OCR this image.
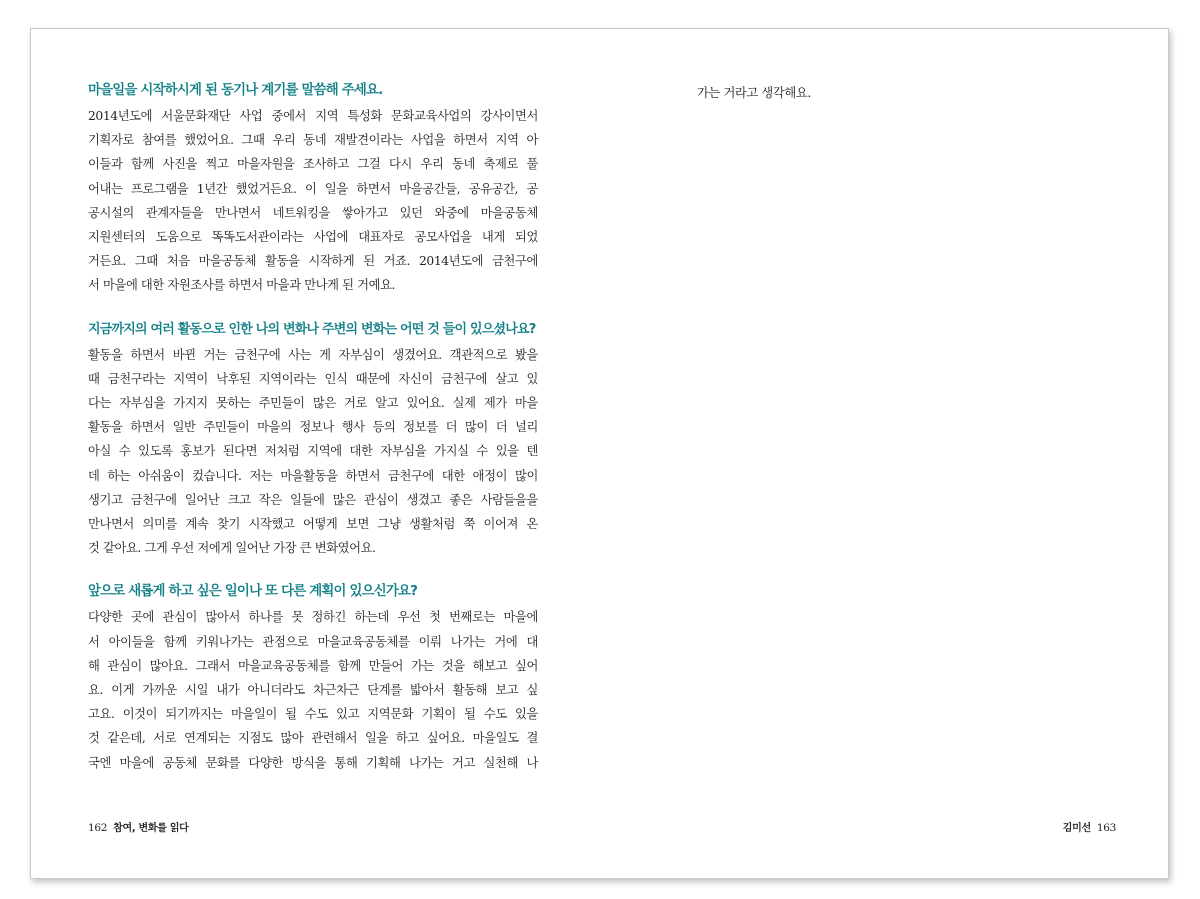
마을일을 시작하시게 된 동기나 계기를 말씀해 주세요.

2014년도에 서울문화재단 사업 중에서 지역 특성화 문화교육사업의 강사이면서
기획자로 참여를 했었어요. 그때 우리 동네 재발견이라는 사업을 하면서 지역 아
이들과 함께 사진을 찍고 마을자원을 조사하고 그걸 다시 우리 동네 축제로 풀
어내는 프로그램을 1년간 했었거든요. 이 일을 하면서 마을공간들, 공유공간, 공
공시설의 관계자들을 만나면서 네트워킹을 쌓아가고 있던 와중에 마을공동체
지원센터의 도움으로 똑똑도서관이라는 사업에 대표자로 공모사업을 내게 되었
거든요. 그때 처음 마을공동체 활동을 시작하게 된 거죠. 2014년도에 금천구에
서 마을에 대한 자원조사를 하면서 마을과 만나게 된 거예요.

지금까지의 여러 활동으로 인한 나의 변화나 주변의 변화는 어떤 것 들이 있으셨나요?

활동을 하면서 바뀐 거는 금천구에 사는 게 자부심이 생겼어요. 객관적으로 봤을
때 금천구라는 지역이 낙후된 지역이라는 인식 때문에 자신이 금천구에 살고 있
다는 자부심을 가지지 못하는 주민들이 많은 거로 알고 있어요. 실제 제가 마을
활동을 하면서 일반 주민들이 마을의 정보나 행사 등의 정보를 더 많이 더 널리
아실 수 있도록 홍보가 된다면 저처럼 지역에 대한 자부심을 가지실 수 있을 텐
데 하는 아쉬움이 컸습니다. 저는 마을활동을 하면서 금천구에 대한 애정이 많이
생기고 금천구에 일어난 크고 작은 일들에 많은 관심이 생겼고 좋은 사람들을을
만나면서 의미를 계속 찾기 시작했고 어떻게 보면 그냥 생활처럼 쭉 이어져 온
것 같아요. 그게 우선 저에게 일어난 가장 큰 변화였어요.

앞으로 새롭게 하고 싶은 일이나 또 다른 계획이 있으신가요?

다양한 곳에 관심이 많아서 하나를 못 정하긴 하는데 우선 첫 번째로는 마을에
서 아이들을 함께 키워나가는 관점으로 마을교육공동체를 이뤄 나가는 거에 대
해 관심이 많아요. 그래서 마을교육공동체를 함께 만들어 가는 것을 해보고 싶어
요. 이게 가까운 시일 내가 아니더라도 차근차근 단계를 밟아서 활동해 보고 싶
고요. 이것이 되기까지는 마을일이 될 수도 있고 지역문화 기획이 될 수도 있을
것 같은데, 서로 연계되는 지점도 많아 관련해서 일을 하고 싶어요. 마을일도 결
국엔 마을에 공동체 문화를 다양한 방식을 통해 기획해 나가는 거고 실천해 나

162 참여, 변화를 읽다

가는 거라고 생각해요.

김미선 163
